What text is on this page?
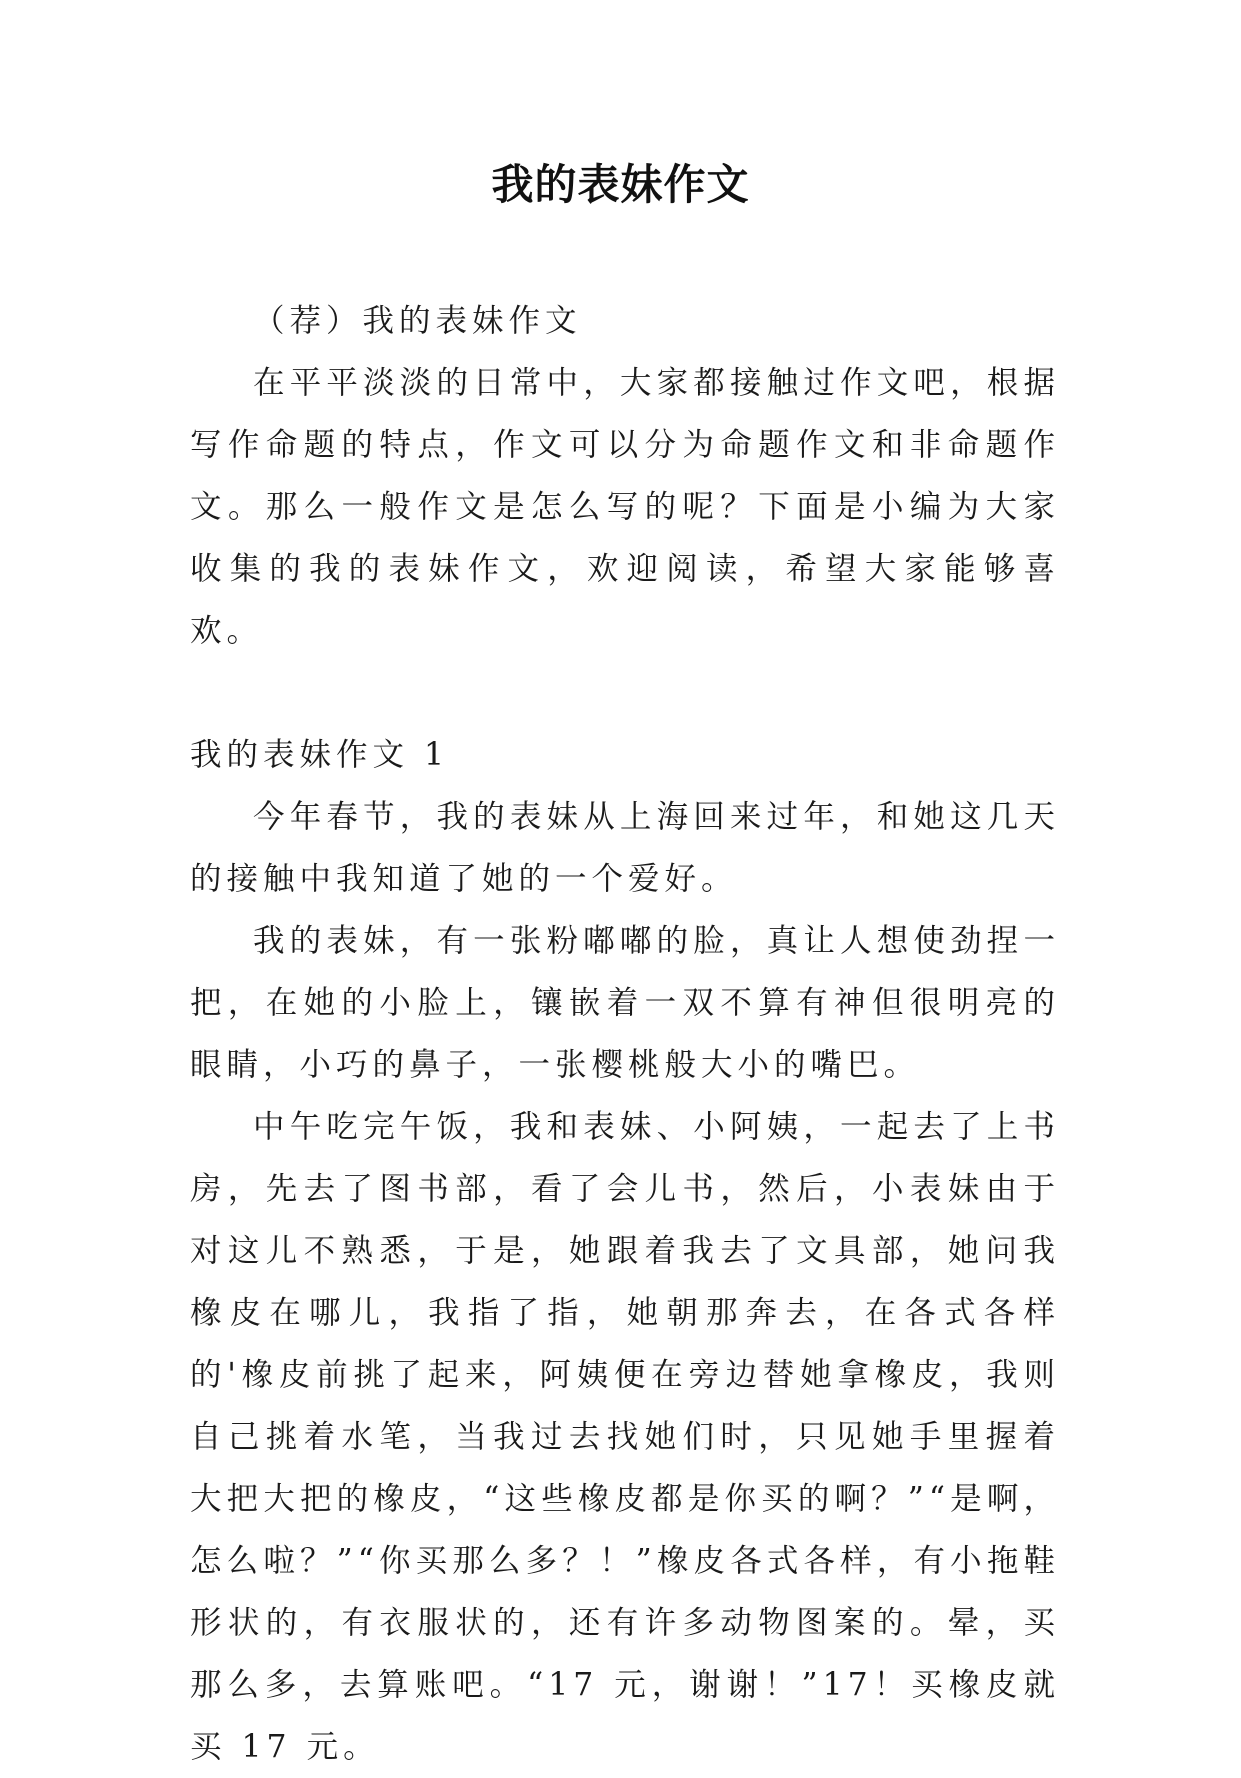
我的表妹作文

（荐）我的表妹作文

在平平淡淡的日常中，大家都接触过作文吧，根据写作命题的特点，作文可以分为命题作文和非命题作文。那么一般作文是怎么写的呢？下面是小编为大家收集的我的表妹作文，欢迎阅读，希望大家能够喜欢。

我的表妹作文 1

今年春节，我的表妹从上海回来过年，和她这几天的接触中我知道了她的一个爱好。

我的表妹，有一张粉嘟嘟的脸，真让人想使劲捏一把，在她的小脸上，镶嵌着一双不算有神但很明亮的眼睛，小巧的鼻子，一张樱桃般大小的嘴巴。

中午吃完午饭，我和表妹、小阿姨，一起去了上书房，先去了图书部，看了会儿书，然后，小表妹由于对这儿不熟悉，于是，她跟着我去了文具部，她问我橡皮在哪儿，我指了指，她朝那奔去，在各式各样的'橡皮前挑了起来，阿姨便在旁边替她拿橡皮，我则自己挑着水笔，当我过去找她们时，只见她手里握着大把大把的橡皮，“这些橡皮都是你买的啊？”“是啊，怎么啦？”“你买那么多？！”橡皮各式各样，有小拖鞋形状的，有衣服状的，还有许多动物图案的。晕，买那么多，去算账吧。“17 元，谢谢！”17！买橡皮就买 17 元。
